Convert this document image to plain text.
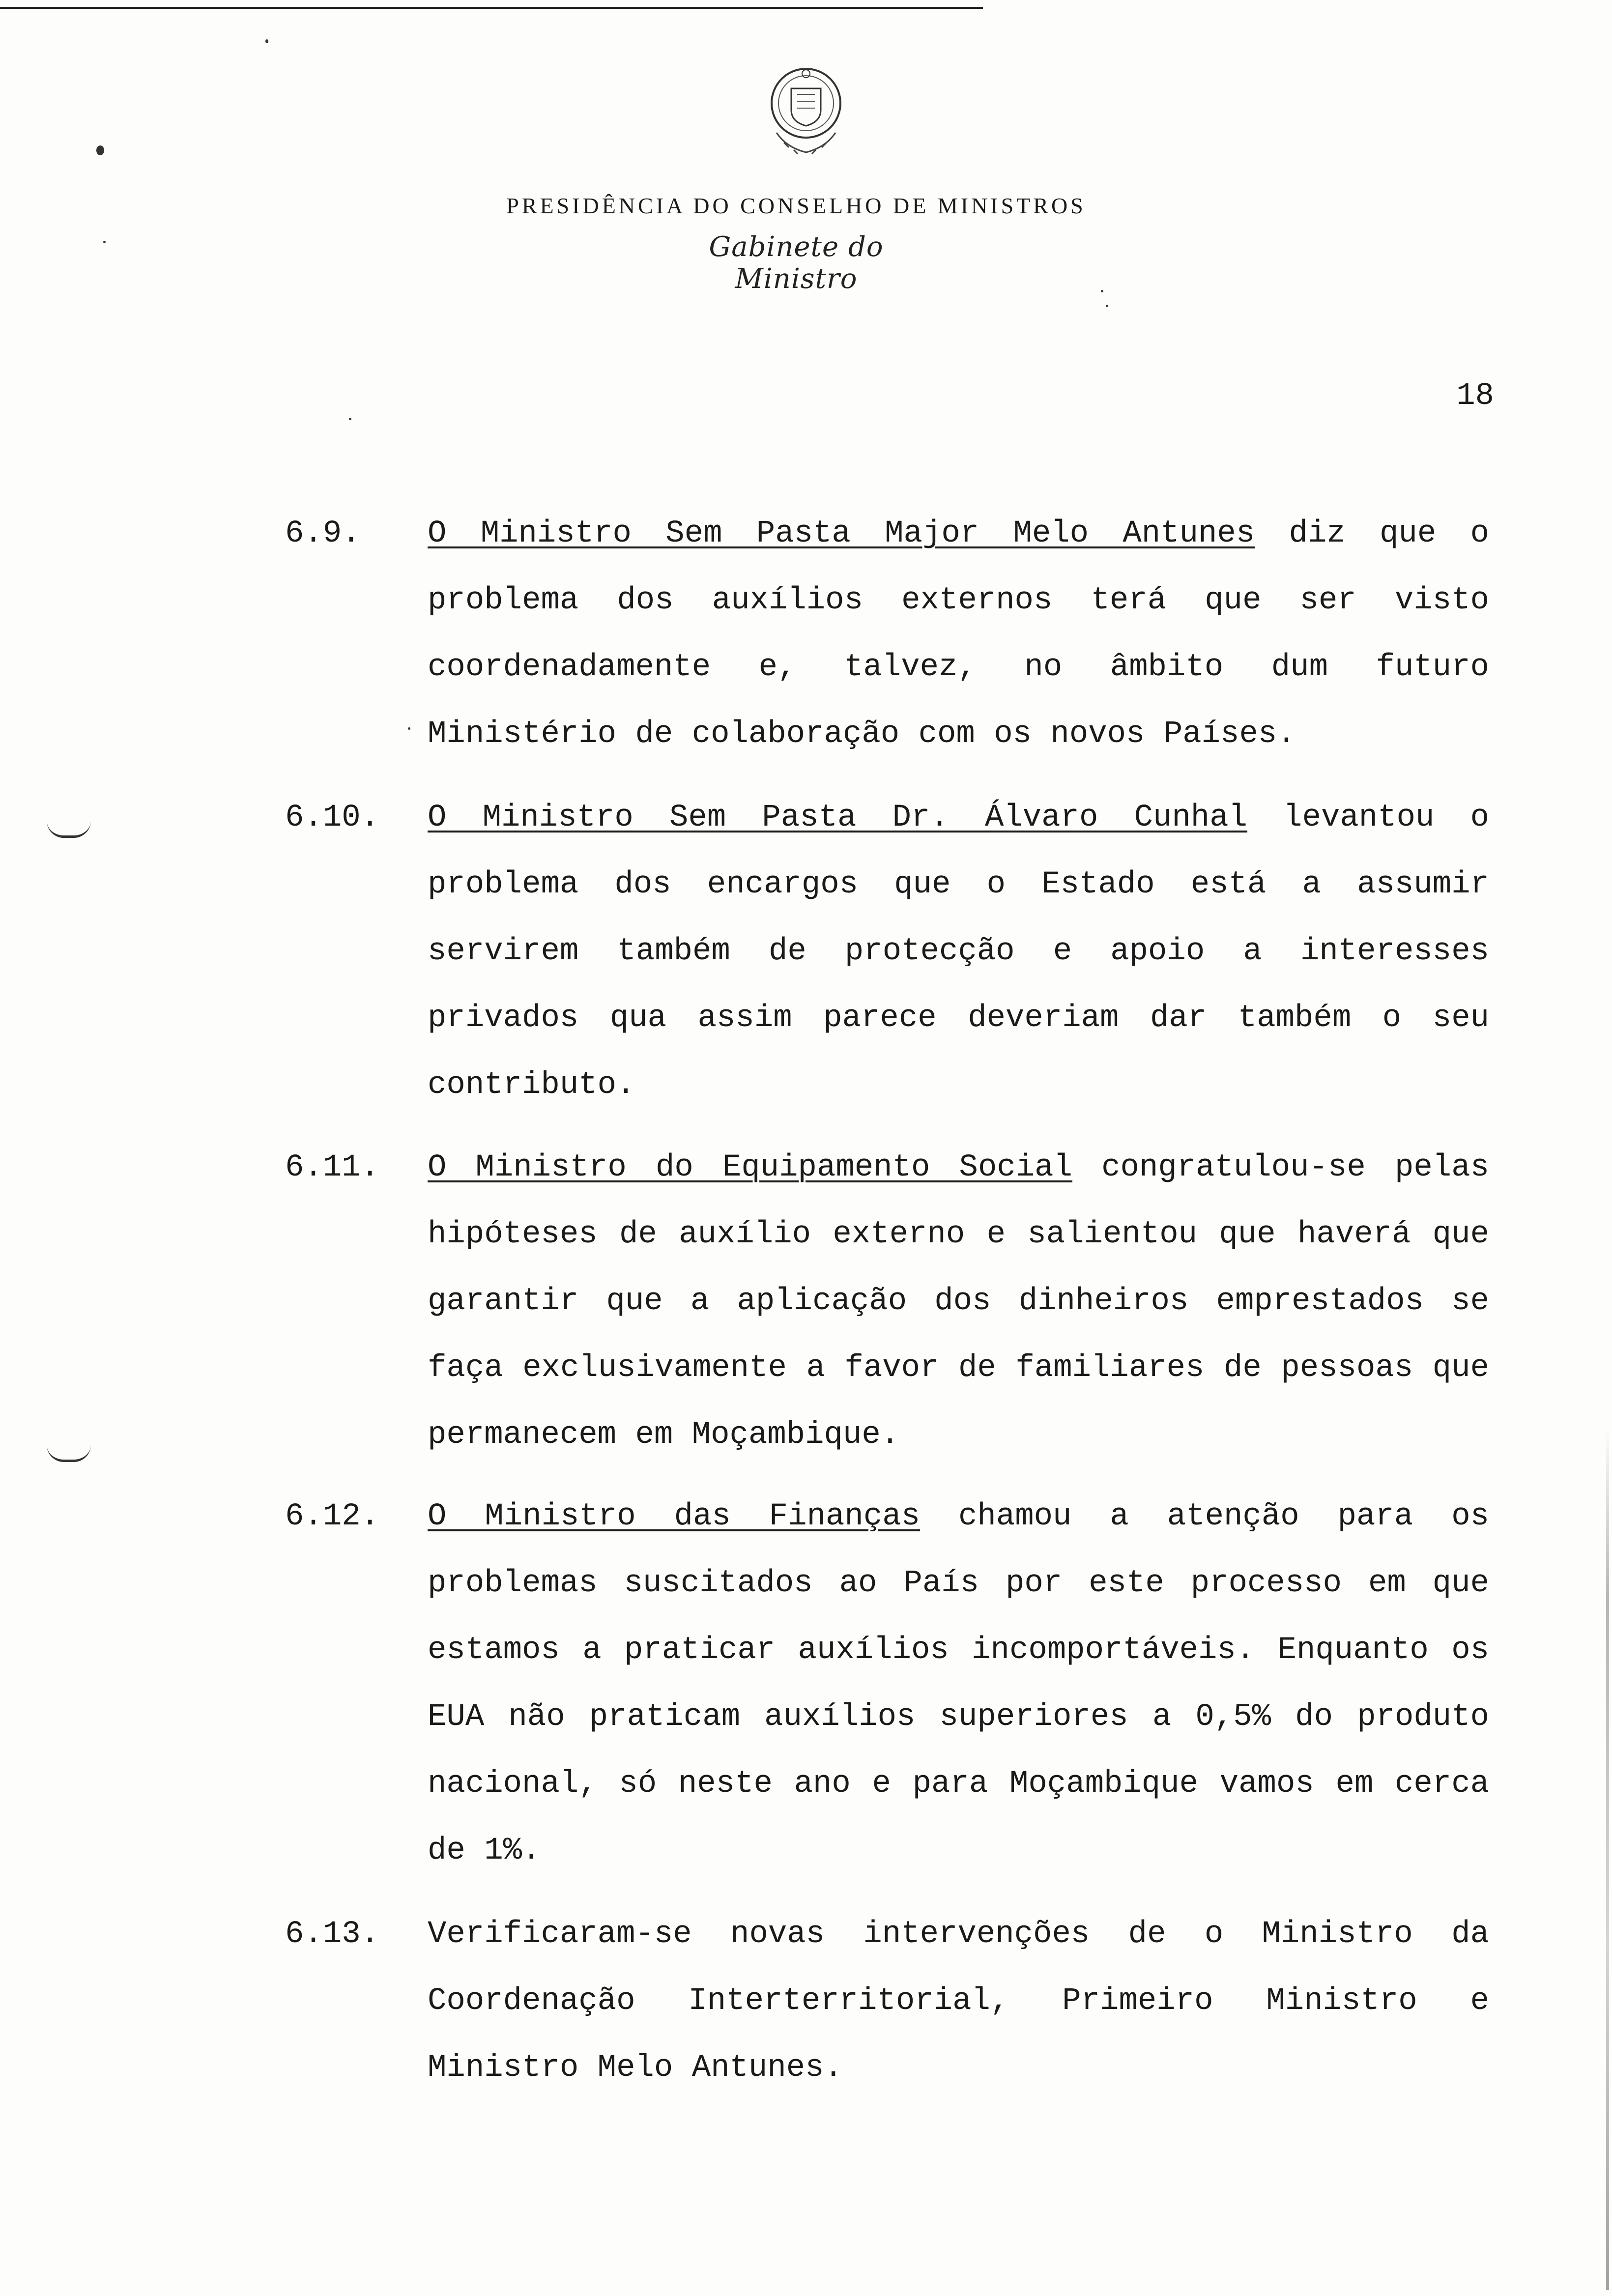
PRESIDÊNCIA DO CONSELHO DE MINISTROS
Gabinete do Ministro
18
6.9. O Ministro Sem Pasta Major Melo Antunes diz que o problema dos auxílios externos terá que ser visto coordenadamente e, talvez, no âmbito dum futuro Ministério de colaboração com os novos Países.

6.10. O Ministro Sem Pasta Dr. Álvaro Cunhal levantou o problema dos encargos que o Estado está a assumir servirem também de protecção e apoio a interesses privados qua assim parece deveriam dar também o seu contributo.

6.11. O Ministro do Equipamento Social congratulou-se pelas hipóteses de auxílio externo e salientou que haverá que garantir que a aplicação dos dinheiros emprestados se faça exclusivamente a favor de familiares de pessoas que permanecem em Moçambique.

6.12. O Ministro das Finanças chamou a atenção para os problemas suscitados ao País por este processo em que estamos a praticar auxílios incomportáveis. Enquanto os EUA não praticam auxílios superiores a 0,5% do produto nacional, só neste ano e para Moçambique vamos em cerca de 1%.

6.13. Verificaram-se novas intervenções de o Ministro da Coordenação Interterritorial, Primeiro Ministro e Ministro Melo Antunes.
